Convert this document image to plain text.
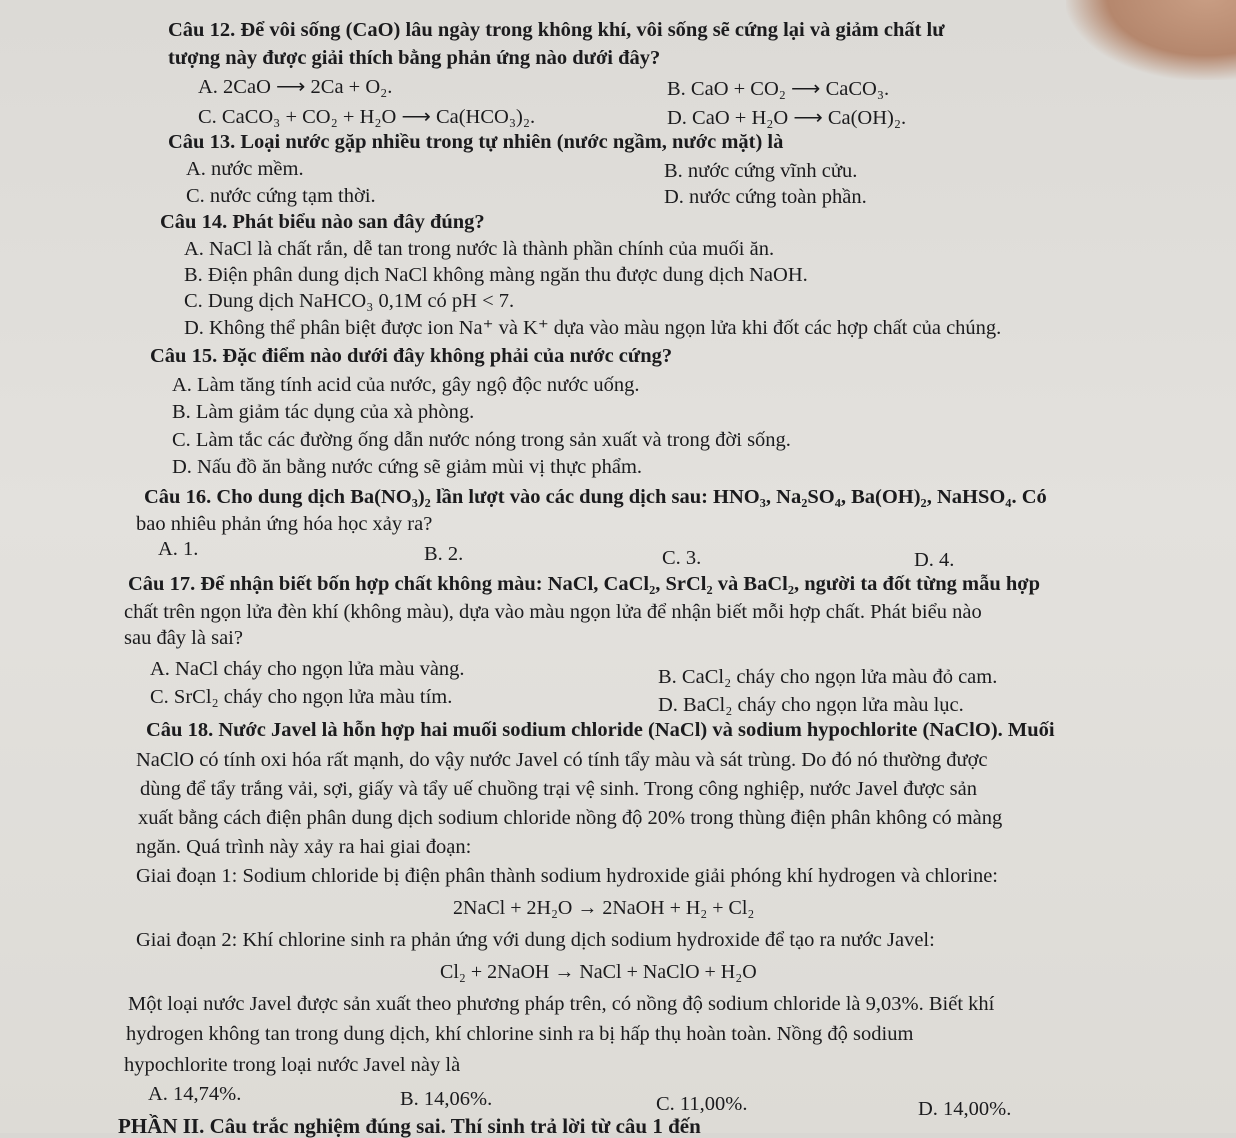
Câu 12. Để vôi sống (CaO) lâu ngày trong không khí, vôi sống sẽ cứng lại và giảm chất lư
tượng này được giải thích bằng phản ứng nào dưới đây?
A. 2CaO ⟶ 2Ca + O₂.	B. CaO + CO₂ ⟶ CaCO₃.
C. CaCO₃ + CO₂ + H₂O ⟶ Ca(HCO₃)₂.	D. CaO + H₂O ⟶ Ca(OH)₂.
Câu 13. Loại nước gặp nhiều trong tự nhiên (nước ngầm, nước mặt) là
A. nước mềm.	B. nước cứng vĩnh cửu.
C. nước cứng tạm thời.	D. nước cứng toàn phần.
Câu 14. Phát biểu nào san đây đúng?
A. NaCl là chất rắn, dễ tan trong nước là thành phần chính của muối ăn.
B. Điện phân dung dịch NaCl không màng ngăn thu được dung dịch NaOH.
C. Dung dịch NaHCO₃ 0,1M có pH < 7.
D. Không thể phân biệt được ion Na⁺ và K⁺ dựa vào màu ngọn lửa khi đốt các hợp chất của chúng.
Câu 15. Đặc điểm nào dưới đây không phải của nước cứng?
A. Làm tăng tính acid của nước, gây ngộ độc nước uống.
B. Làm giảm tác dụng của xà phòng.
C. Làm tắc các đường ống dẫn nước nóng trong sản xuất và trong đời sống.
D. Nấu đồ ăn bằng nước cứng sẽ giảm mùi vị thực phẩm.
Câu 16. Cho dung dịch Ba(NO₃)₂ lần lượt vào các dung dịch sau: HNO₃, Na₂SO₄, Ba(OH)₂, NaHSO₄. Có
bao nhiêu phản ứng hóa học xảy ra?
A. 1.	B. 2.	C. 3.	D. 4.
Câu 17. Để nhận biết bốn hợp chất không màu: NaCl, CaCl₂, SrCl₂ và BaCl₂, người ta đốt từng mẫu hợp
chất trên ngọn lửa đèn khí (không màu), dựa vào màu ngọn lửa để nhận biết mỗi hợp chất. Phát biểu nào
sau đây là sai?
A. NaCl cháy cho ngọn lửa màu vàng.	B. CaCl₂ cháy cho ngọn lửa màu đỏ cam.
C. SrCl₂ cháy cho ngọn lửa màu tím.	D. BaCl₂ cháy cho ngọn lửa màu lục.
Câu 18. Nước Javel là hỗn hợp hai muối sodium chloride (NaCl) và sodium hypochlorite (NaClO). Muối
NaClO có tính oxi hóa rất mạnh, do vậy nước Javel có tính tẩy màu và sát trùng. Do đó nó thường được
dùng để tẩy trắng vải, sợi, giấy và tẩy uế chuồng trại vệ sinh. Trong công nghiệp, nước Javel được sản
xuất bằng cách điện phân dung dịch sodium chloride nồng độ 20% trong thùng điện phân không có màng
ngăn. Quá trình này xảy ra hai giai đoạn:
Giai đoạn 1: Sodium chloride bị điện phân thành sodium hydroxide giải phóng khí hydrogen và chlorine:
2NaCl + 2H₂O → 2NaOH + H₂ + Cl₂
Giai đoạn 2: Khí chlorine sinh ra phản ứng với dung dịch sodium hydroxide để tạo ra nước Javel:
Cl₂ + 2NaOH → NaCl + NaClO + H₂O
Một loại nước Javel được sản xuất theo phương pháp trên, có nồng độ sodium chloride là 9,03%. Biết khí
hydrogen không tan trong dung dịch, khí chlorine sinh ra bị hấp thụ hoàn toàn. Nồng độ sodium
hypochlorite trong loại nước Javel này là
A. 14,74%.	B. 14,06%.	C. 11,00%.	D. 14,00%.
PHẦN II. Câu trắc nghiệm đúng sai. Thí sinh trả lời từ câu 1 đến
